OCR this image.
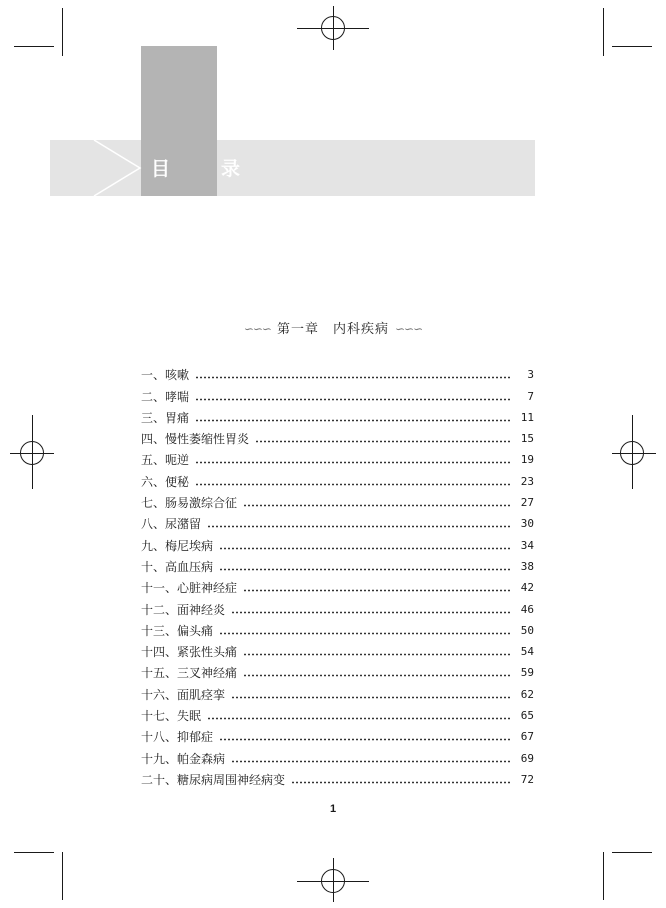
目　录
∽∽∽ 第一章　内科疾病 ∽∽∽
一、咳嗽	3
二、哮喘	7
三、胃痛	11
四、慢性萎缩性胃炎	15
五、呃逆	19
六、便秘	23
七、肠易激综合征	27
八、尿潴留	30
九、梅尼埃病	34
十、高血压病	38
十一、心脏神经症	42
十二、面神经炎	46
十三、偏头痛	50
十四、紧张性头痛	54
十五、三叉神经痛	59
十六、面肌痉挛	62
十七、失眠	65
十八、抑郁症	67
十九、帕金森病	69
二十、糖尿病周围神经病变	72
1
